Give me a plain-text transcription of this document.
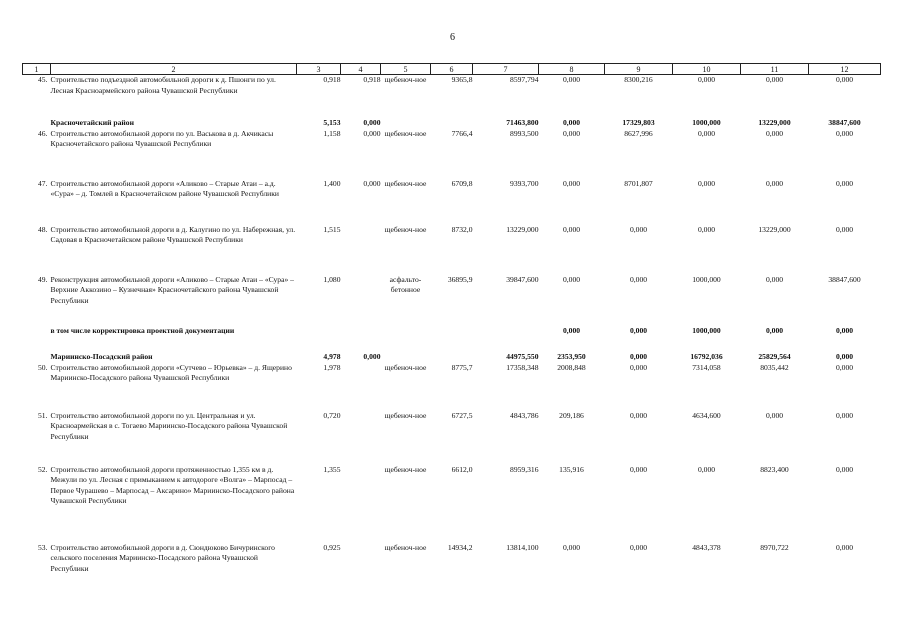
6
1	2	3	4	5	6	7	8	9	10	11	12
45.	Строительство подъездной автомобильной дороги к д. Пшонги по ул. Лесная Красноармейского района Чувашской Республики	0,918	0,918	щебеноч-ное	9365,8	8597,794	0,000	8300,216	0,000	0,000	0,000
	Красночетайский район	5,153	0,000			71463,800	0,000	17329,803	1000,000	13229,000	38847,600
46.	Строительство автомобильной дороги по ул. Васькова в д. Акчикасы Красночетайского района Чувашской Республики	1,158	0,000	щебеноч-ное	7766,4	8993,500	0,000	8627,996	0,000	0,000	0,000
47.	Строительство автомобильной дороги «Аликово – Старые Атаи – а.д. «Сура» – д. Томлей в Красночетайском районе Чувашской Республики	1,400	0,000	щебеноч-ное	6709,8	9393,700	0,000	8701,807	0,000	0,000	0,000
48.	Строительство автомобильной дороги в д. Калугино по ул. Набережная, ул. Садовая в Красночетайском районе Чувашской Республики	1,515		щебеноч-ное	8732,0	13229,000	0,000	0,000	0,000	13229,000	0,000
49.	Реконструкция автомобильной дороги «Аликово – Старые Атаи – «Сура» – Верхние Аккозино – Кузнечная» Красночетайского района Чувашской Республики	1,080		асфальто-бетонное	36895,9	39847,600	0,000	0,000	1000,000	0,000	38847,600
	в том числе корректировка проектной документации						0,000	0,000	1000,000	0,000	0,000
	Мариинско-Посадский район	4,978	0,000			44975,550	2353,950	0,000	16792,036	25829,564	0,000
50.	Строительство автомобильной дороги «Сутчево – Юрьевка» – д. Ящерино Мариинско-Посадского района Чувашской Республики	1,978		щебеноч-ное	8775,7	17358,348	2008,848	0,000	7314,058	8035,442	0,000
51.	Строительство автомобильной дороги по ул. Центральная и ул. Красноармейская в с. Тогаево Мариинско-Посадского района Чувашской Республики	0,720		щебеноч-ное	6727,5	4843,786	209,186	0,000	4634,600	0,000	0,000
52.	Строительство автомобильной дороги протяженностью 1,355 км в д. Межули по ул. Лесная с примыканием к автодороге «Волга» – Марпосад – Первое Чурашево – Марпосад – Аксарино» Мариинско-Посадского района Чувашской Республики	1,355		щебеноч-ное	6612,0	8959,316	135,916	0,000	0,000	8823,400	0,000
53.	Строительство автомобильной дороги в д. Сюндюково Бичуринского сельского поселения Мариинско-Посадского района Чувашской Республики	0,925		щебеноч-ное	14934,2	13814,100	0,000	0,000	4843,378	8970,722	0,000
